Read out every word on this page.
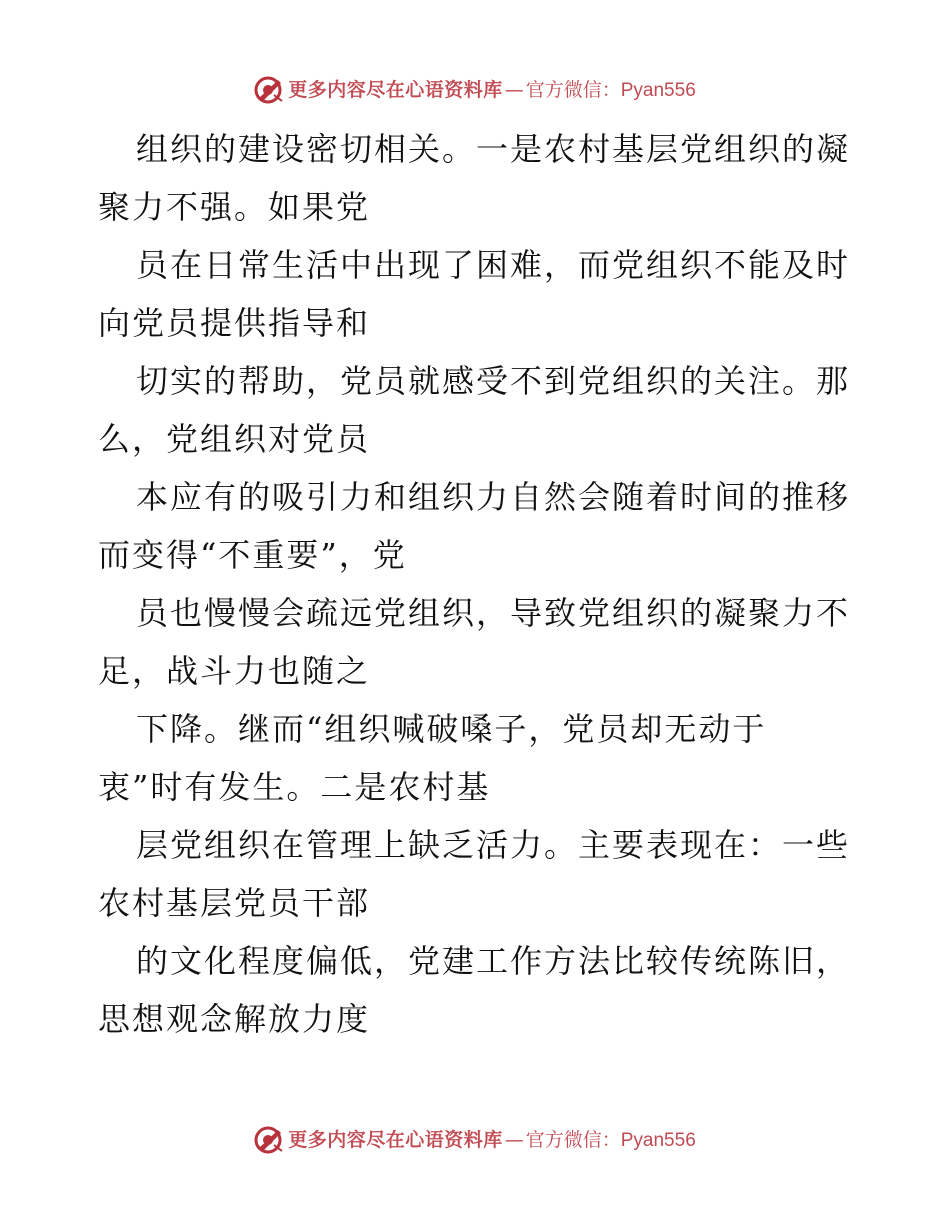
更多内容尽在心语资料库 — 官方微信： Pyan556
组织的建设密切相关。一是农村基层党组织的凝
聚力不强。如果党
员在日常生活中出现了困难，而党组织不能及时
向党员提供指导和
切实的帮助，党员就感受不到党组织的关注。那
么，党组织对党员
本应有的吸引力和组织力自然会随着时间的推移
而变得“不重要”，党
员也慢慢会疏远党组织，导致党组织的凝聚力不
足，战斗力也随之
下降。继而“组织喊破嗓子，党员却无动于
衷”时有发生。二是农村基
层党组织在管理上缺乏活力。主要表现在：一些
农村基层党员干部
的文化程度偏低，党建工作方法比较传统陈旧，
思想观念解放力度
更多内容尽在心语资料库 — 官方微信： Pyan556
